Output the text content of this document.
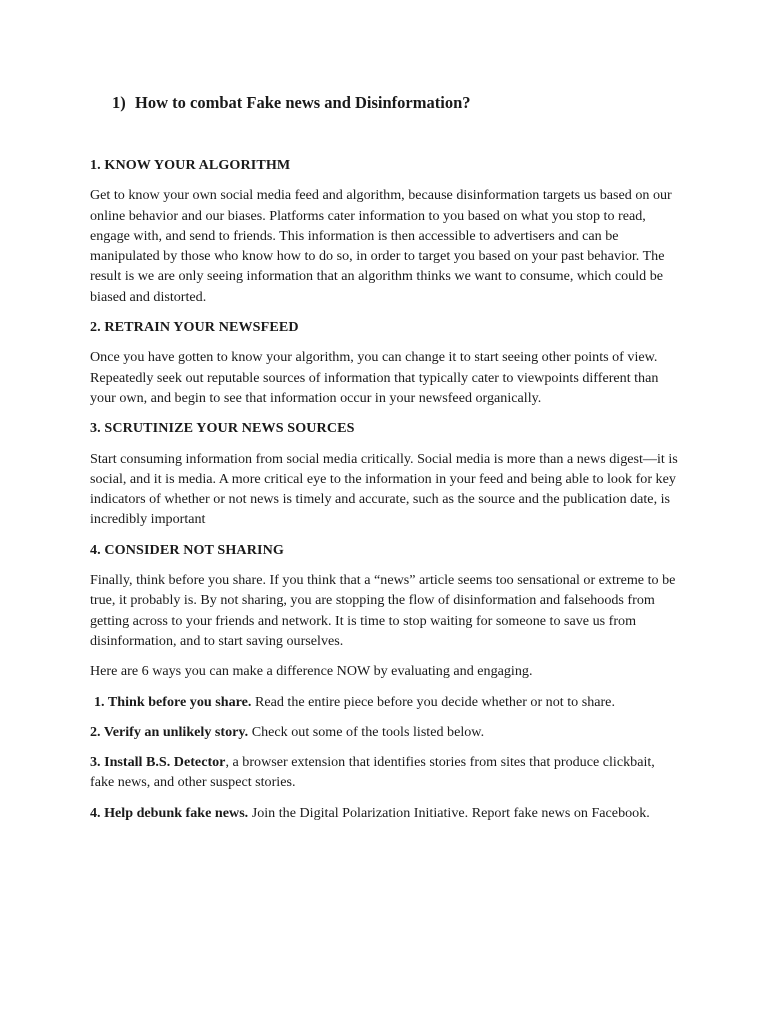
1) How to combat Fake news and Disinformation?

1. KNOW YOUR ALGORITHM

Get to know your own social media feed and algorithm, because disinformation targets us based on our online behavior and our biases. Platforms cater information to you based on what you stop to read, engage with, and send to friends. This information is then accessible to advertisers and can be manipulated by those who know how to do so, in order to target you based on your past behavior. The result is we are only seeing information that an algorithm thinks we want to consume, which could be biased and distorted.

2. RETRAIN YOUR NEWSFEED

Once you have gotten to know your algorithm, you can change it to start seeing other points of view. Repeatedly seek out reputable sources of information that typically cater to viewpoints different than your own, and begin to see that information occur in your newsfeed organically.

3. SCRUTINIZE YOUR NEWS SOURCES

Start consuming information from social media critically. Social media is more than a news digest—it is social, and it is media. A more critical eye to the information in your feed and being able to look for key indicators of whether or not news is timely and accurate, such as the source and the publication date, is incredibly important

4. CONSIDER NOT SHARING

Finally, think before you share. If you think that a “news” article seems too sensational or extreme to be true, it probably is. By not sharing, you are stopping the flow of disinformation and falsehoods from getting across to your friends and network. It is time to stop waiting for someone to save us from disinformation, and to start saving ourselves.

Here are 6 ways you can make a difference NOW by evaluating and engaging.

1. Think before you share. Read the entire piece before you decide whether or not to share.

2. Verify an unlikely story. Check out some of the tools listed below.

3. Install B.S. Detector, a browser extension that identifies stories from sites that produce clickbait, fake news, and other suspect stories.

4. Help debunk fake news. Join the Digital Polarization Initiative. Report fake news on Facebook.
